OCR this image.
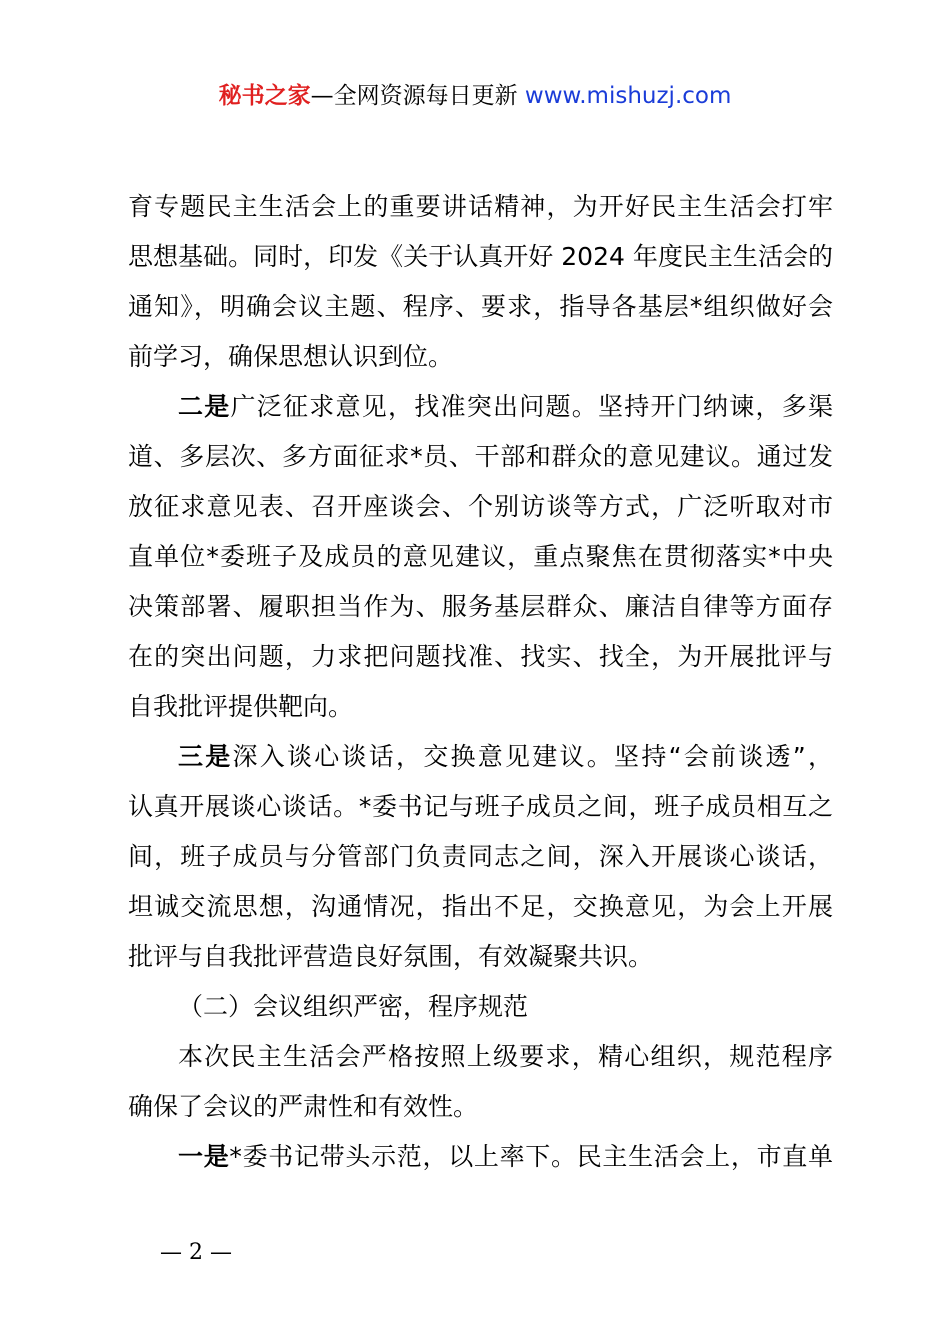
秘书之家—全网资源每日更新 www.mishuzj.com
育专题民主生活会上的重要讲话精神，为开好民主生活会打牢
思想基础。同时，印发《关于认真开好 2024 年度民主生活会的
通知》，明确会议主题、程序、要求，指导各基层*组织做好会
前学习，确保思想认识到位。
二是广泛征求意见，找准突出问题。坚持开门纳谏，多渠
道、多层次、多方面征求*员、干部和群众的意见建议。通过发
放征求意见表、召开座谈会、个别访谈等方式，广泛听取对市
直单位*委班子及成员的意见建议，重点聚焦在贯彻落实*中央
决策部署、履职担当作为、服务基层群众、廉洁自律等方面存
在的突出问题，力求把问题找准、找实、找全，为开展批评与
自我批评提供靶向。
三是深入谈心谈话，交换意见建议。坚持“会前谈透”，
认真开展谈心谈话。*委书记与班子成员之间，班子成员相互之
间，班子成员与分管部门负责同志之间，深入开展谈心谈话，
坦诚交流思想，沟通情况，指出不足，交换意见，为会上开展
批评与自我批评营造良好氛围，有效凝聚共识。
（二）会议组织严密，程序规范
本次民主生活会严格按照上级要求，精心组织，规范程序
确保了会议的严肃性和有效性。
一是*委书记带头示范，以上率下。民主生活会上，市直单
— 2 —
